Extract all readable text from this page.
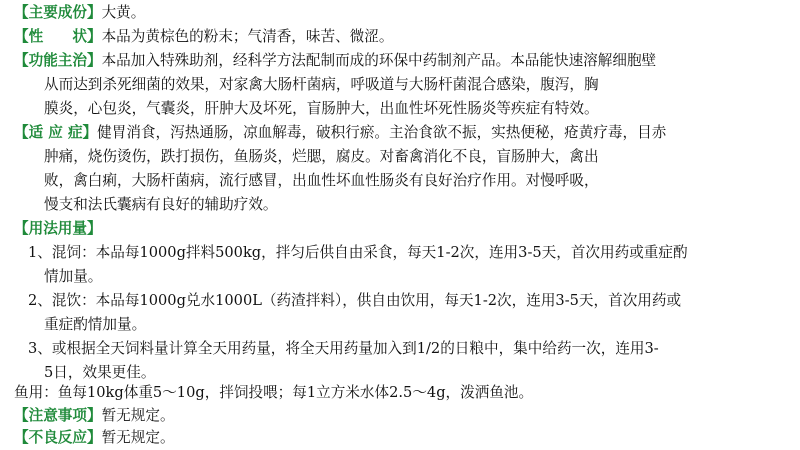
【主要成份】大黄。
【性　　状】本品为黄棕色的粉末；气清香，味苦、微涩。
【功能主治】本品加入特殊助剂，经科学方法配制而成的环保中药制剂产品。本品能快速溶解细胞壁
从而达到杀死细菌的效果，对家禽大肠杆菌病，呼吸道与大肠杆菌混合感染，腹泻，胸
膜炎，心包炎，气囊炎，肝肿大及坏死，盲肠肿大，出血性坏死性肠炎等疾症有特效。
【适 应 症】健胃消食，泻热通肠，凉血解毒，破积行瘀。主治食欲不振，实热便秘，疮黄疗毒，目赤
肿痛，烧伤烫伤，跌打损伤，鱼肠炎，烂腮，腐皮。对畜禽消化不良，盲肠肿大，禽出
败，禽白痢，大肠杆菌病，流行感冒，出血性坏血性肠炎有良好治疗作用。对慢呼吸，
慢支和法氏囊病有良好的辅助疗效。
【用法用量】
1、混饲：本品每1000g拌料500kg，拌匀后供自由采食，每天1-2次，连用3-5天，首次用药或重症酌
情加量。
2、混饮：本品每1000g兑水1000L（药渣拌料），供自由饮用，每天1-2次，连用3-5天，首次用药或
重症酌情加量。
3、或根据全天饲料量计算全天用药量，将全天用药量加入到1/2的日粮中，集中给药一次，连用3-
5日，效果更佳。
鱼用：鱼每10kg体重5～10g，拌饲投喂；每1立方米水体2.5～4g，泼洒鱼池。
【注意事项】暂无规定。
【不良反应】暂无规定。
